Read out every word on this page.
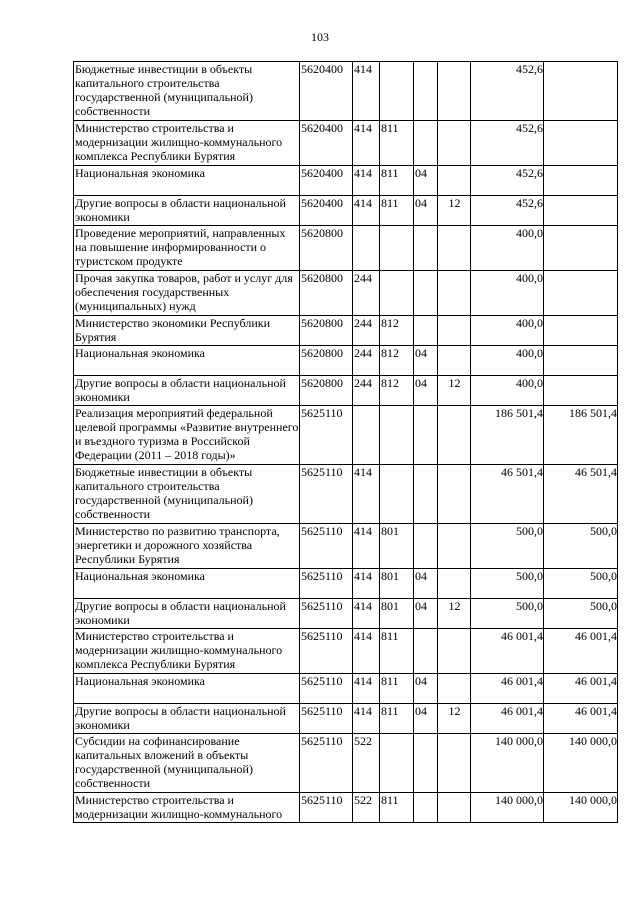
103
Бюджетные инвестиции в объекты капитального строительства государственной (муниципальной) собственности	5620400	414				452,6	
Министерство строительства и модернизации жилищно-коммунального комплекса Республики Бурятия	5620400	414	811			452,6	
Национальная экономика	5620400	414	811	04		452,6	
Другие вопросы в области национальной экономики	5620400	414	811	04	12	452,6	
Проведение мероприятий, направленных на повышение информированности о туристском продукте	5620800					400,0	
Прочая закупка товаров, работ и услуг для обеспечения государственных (муниципальных) нужд	5620800	244				400,0	
Министерство экономики Республики Бурятия	5620800	244	812			400,0	
Национальная экономика	5620800	244	812	04		400,0	
Другие вопросы в области национальной экономики	5620800	244	812	04	12	400,0	
Реализация мероприятий федеральной целевой программы «Развитие внутреннего и въездного туризма в Российской Федерации (2011 – 2018 годы)»	5625110					186 501,4	186 501,4
Бюджетные инвестиции в объекты капитального строительства государственной (муниципальной) собственности	5625110	414				46 501,4	46 501,4
Министерство по развитию транспорта, энергетики и дорожного хозяйства Республики Бурятия	5625110	414	801			500,0	500,0
Национальная экономика	5625110	414	801	04		500,0	500,0
Другие вопросы в области национальной экономики	5625110	414	801	04	12	500,0	500,0
Министерство строительства и модернизации жилищно-коммунального комплекса Республики Бурятия	5625110	414	811			46 001,4	46 001,4
Национальная экономика	5625110	414	811	04		46 001,4	46 001,4
Другие вопросы в области национальной экономики	5625110	414	811	04	12	46 001,4	46 001,4
Субсидии на софинансирование капитальных вложений в объекты государственной (муниципальной) собственности	5625110	522				140 000,0	140 000,0
Министерство строительства и модернизации жилищно-коммунального	5625110	522	811			140 000,0	140 000,0
